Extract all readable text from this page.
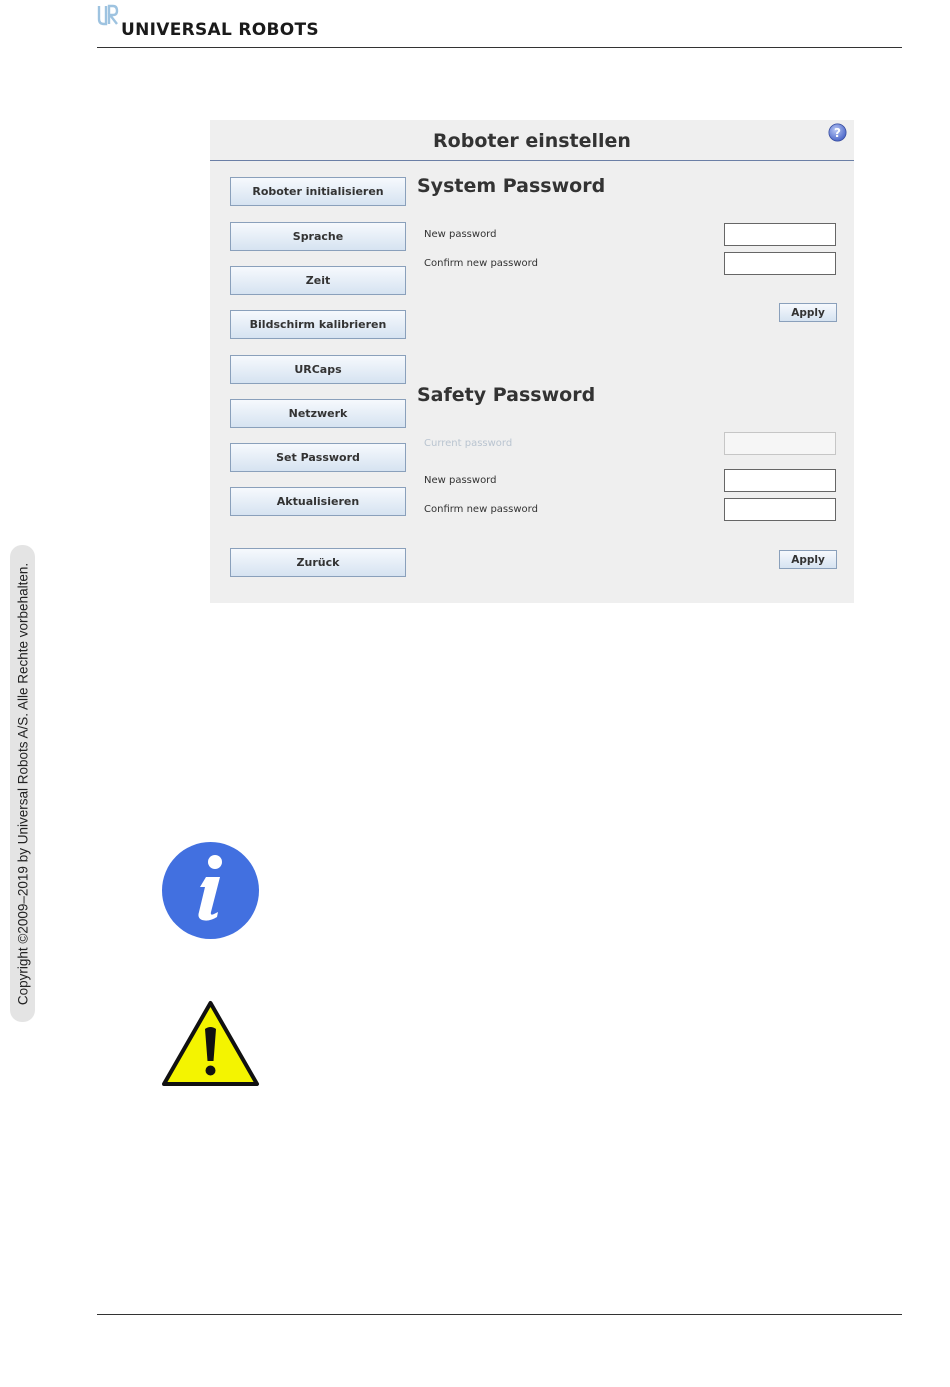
UNIVERSAL ROBOTS
Copyright ©2009–2019 by Universal Robots A/S. Alle Rechte vorbehalten.
Roboter einstellen	?
Roboter initialisieren
Sprache
Zeit
Bildschirm kalibrieren
URCaps
Netzwerk
Set Password
Aktualisieren
Zurück
System Password
New password
Confirm new password
Apply
Safety Password
Current password
New password
Confirm new password
Apply
